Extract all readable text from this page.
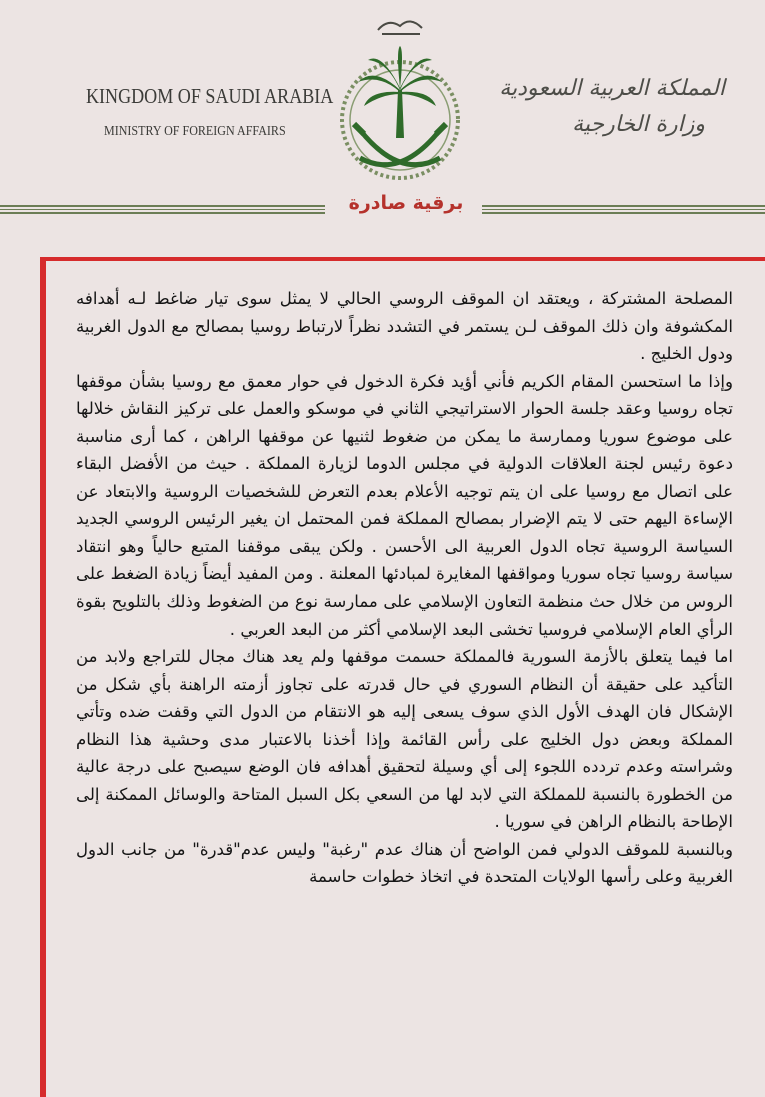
KINGDOM OF SAUDI ARABIA
MINISTRY OF FOREIGN AFFAIRS
المملكة العربية السعودية
وزارة الخارجية
برقية صادرة

المصلحة المشتركة ، ويعتقد ان الموقف الروسي الحالي لا يمثل سوى تيار ضاغط لـه أهدافه المكشوفة وان ذلك الموقف لـن يستمر في التشدد نظراً لارتباط روسيا بمصالح مع الدول الغربية ودول الخليج .

وإذا ما استحسن المقام الكريم فأني أؤيد فكرة الدخول في حوار معمق مع روسيا بشأن موقفها تجاه روسيا وعقد جلسة الحوار الاستراتيجي الثاني في موسكو والعمل على تركيز النقاش خلالها على موضوع سوريا وممارسة ما يمكن من ضغوط لثنيها عن موقفها الراهن ، كما أرى مناسبة دعوة رئيس لجنة العلاقات الدولية في مجلس الدوما لزيارة المملكة . حيث من الأفضل البقاء على اتصال مع روسيا على ان يتم توجيه الأعلام بعدم التعرض للشخصيات الروسية والابتعاد عن الإساءة اليهم حتى لا يتم الإضرار بمصالح المملكة فمن المحتمل ان يغير الرئيس الروسي الجديد السياسة الروسية تجاه الدول العربية الى الأحسن . ولكن يبقى موقفنا المتبع حالياً وهو انتقاد سياسة روسيا تجاه سوريا ومواقفها المغايرة لمبادئها المعلنة . ومن المفيد أيضاً زيادة الضغط على الروس من خلال حث منظمة التعاون الإسلامي على ممارسة نوع من الضغوط وذلك بالتلويح بقوة الرأي العام الإسلامي فروسيا تخشى البعد الإسلامي أكثر من البعد العربي .

اما فيما يتعلق بالأزمة السورية فالمملكة حسمت موقفها ولم يعد هناك مجال للتراجع ولابد من التأكيد على حقيقة أن النظام السوري في حال قدرته على تجاوز أزمته الراهنة بأي شكل من الإشكال فان الهدف الأول الذي سوف يسعى إليه هو الانتقام من الدول التي وقفت ضده وتأتي المملكة وبعض دول الخليج على رأس القائمة وإذا أخذنا بالاعتبار مدى وحشية هذا النظام وشراسته وعدم تردده اللجوء إلى أي وسيلة لتحقيق أهدافه فان الوضع سيصبح على درجة عالية من الخطورة بالنسبة للمملكة التي لابد لها من السعي بكل السبل المتاحة والوسائل الممكنة إلى الإطاحة بالنظام الراهن في سوريا .

وبالنسبة للموقف الدولي فمن الواضح أن هناك عدم "رغبة" وليس عدم"قدرة" من جانب الدول الغربية وعلى رأسها الولايات المتحدة في اتخاذ خطوات حاسمة
